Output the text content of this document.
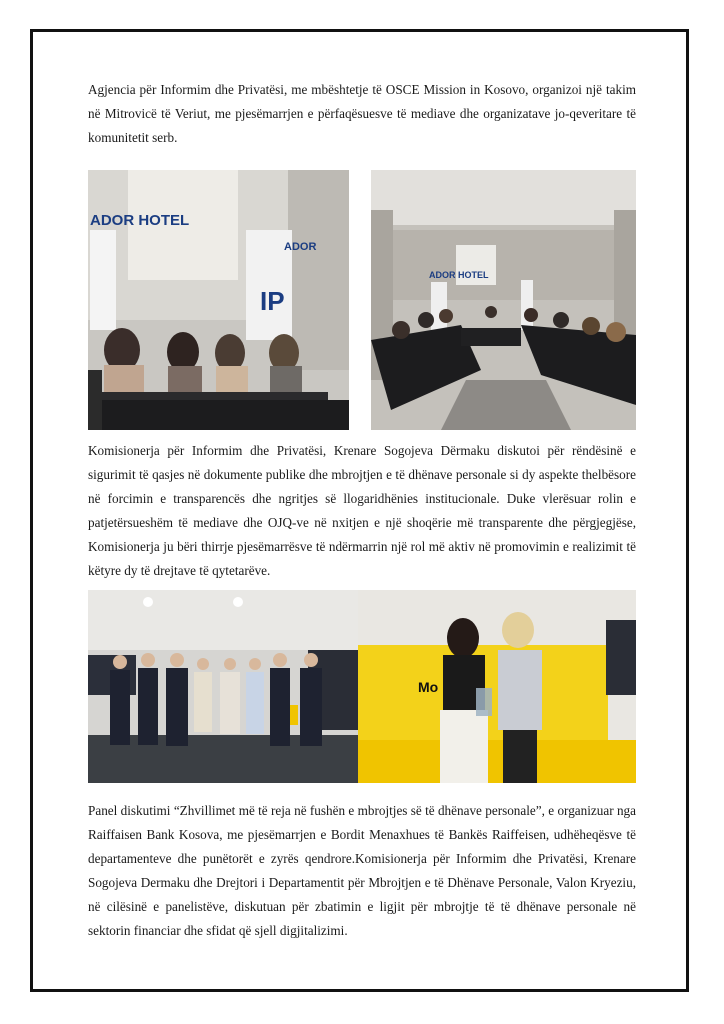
Agjencia për Informim dhe Privatësi, me mbështetje të OSCE Mission in Kosovo, organizoi një takim në Mitrovicë të Veriut, me pjesëmarrjen e përfaqësuesve të mediave dhe organizatave jo-qeveritare të komunitetit serb.

ADOR HOTEL
ADOR
IP
ADOR HOTEL

Komisionerja për Informim dhe Privatësi, Krenare Sogojeva Dërmaku diskutoi për rëndësinë e sigurimit të qasjes në dokumente publike dhe mbrojtjen e të dhënave personale si dy aspekte thelbësore në forcimin e transparencës dhe ngritjes së llogaridhënies institucionale. Duke vlerësuar rolin e patjetërsueshëm të mediave dhe OJQ-ve në nxitjen e një shoqërie më transparente dhe përgjegjëse, Komisionerja ju bëri thirrje pjesëmarrësve të ndërmarrin një rol më aktiv në promovimin e realizimit të këtyre dy të drejtave të qytetarëve.

Mo

Panel diskutimi “Zhvillimet më të reja në fushën e mbrojtjes së të dhënave personale”, e organizuar nga Raiffaisen Bank Kosova, me pjesëmarrjen e Bordit Menaxhues të Bankës Raiffeisen, udhëheqësve të departamenteve dhe punëtorët e zyrës qendrore.Komisionerja për Informim dhe Privatësi, Krenare Sogojeva Dermaku dhe Drejtori i Departamentit për Mbrojtjen e të Dhënave Personale, Valon Kryeziu, në cilësinë e panelistëve, diskutuan për zbatimin e ligjit për mbrojtje të të dhënave personale në sektorin financiar dhe sfidat që sjell digjitalizimi.
